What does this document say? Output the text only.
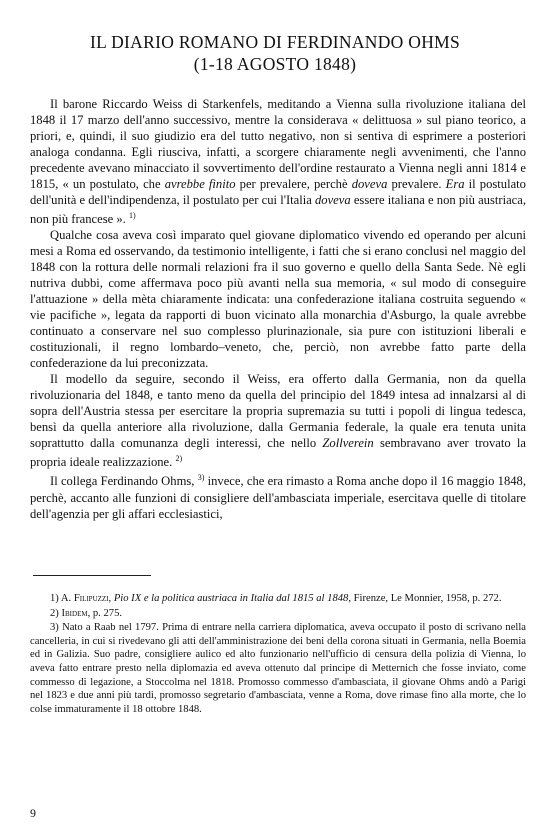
IL DIARIO ROMANO DI FERDINANDO OHMS
(1-18 AGOSTO 1848)

Il barone Riccardo Weiss di Starkenfels, meditando a Vienna sulla rivoluzione italiana del 1848 il 17 marzo dell'anno successivo, mentre la considerava « delittuosa » sul piano teorico, a priori, e, quindi, il suo giudizio era del tutto negativo, non si sentiva di esprimere a posteriori analoga condanna. Egli riusciva, infatti, a scorgere chiaramente negli avvenimenti, che l'anno precedente avevano minacciato il sovvertimento dell'ordine restaurato a Vienna negli anni 1814 e 1815, « un postulato, che avrebbe finito per prevalere, perchè doveva prevalere. Era il postulato dell'unità e dell'indipendenza, il postulato per cui l'Italia doveva essere italiana e non più austriaca, non più francese ». $^{1)}$

Qualche cosa aveva così imparato quel giovane diplomatico vivendo ed operando per alcuni mesi a Roma ed osservando, da testimonio intelligente, i fatti che si erano conclusi nel maggio del 1848 con la rottura delle normali relazioni fra il suo governo e quello della Santa Sede. Nè egli nutriva dubbi, come affermava poco più avanti nella sua memoria, « sul modo di conseguire l'attuazione » della mèta chiaramente indicata: una confederazione italiana costruita seguendo « vie pacifiche », legata da rapporti di buon vicinato alla monarchia d'Asburgo, la quale avrebbe continuato a conservare nel suo complesso plurinazionale, sia pure con istituzioni liberali e costituzionali, il regno lombardo–veneto, che, perciò, non avrebbe fatto parte della confederazione da lui preconizzata.

Il modello da seguire, secondo il Weiss, era offerto dalla Germania, non da quella rivoluzionaria del 1848, e tanto meno da quella del principio del 1849 intesa ad innalzarsi al di sopra dell'Austria stessa per esercitare la propria supremazia su tutti i popoli di lingua tedesca, bensì da quella anteriore alla rivoluzione, dalla Germania federale, la quale era tenuta unita soprattutto dalla comunanza degli interessi, che nello Zollverein sembravano aver trovato la propria ideale realizzazione. $^{2)}$

Il collega Ferdinando Ohms, $^{3)}$ invece, che era rimasto a Roma anche dopo il 16 maggio 1848, perchè, accanto alle funzioni di consigliere dell'ambasciata imperiale, esercitava quelle di titolare dell'agenzia per gli affari ecclesiastici,

1) A. Filipuzzi, Pio IX e la politica austriaca in Italia dal 1815 al 1848, Firenze, Le Monnier, 1958, p. 272.

2) Ibidem, p. 275.

3) Nato a Raab nel 1797. Prima di entrare nella carriera diplomatica, aveva occupato il posto di scrivano nella cancelleria, in cui si rivedevano gli atti dell'amministrazione dei beni della corona situati in Germania, nella Boemia ed in Galizia. Suo padre, consigliere aulico ed alto funzionario nell'ufficio di censura della polizia di Vienna, lo aveva fatto entrare presto nella diplomazia ed aveva ottenuto dal principe di Metternich che fosse inviato, come commesso di legazione, a Stoccolma nel 1818. Promosso commesso d'ambasciata, il giovane Ohms andò a Parigi nel 1823 e due anni più tardi, promosso segretario d'ambasciata, venne a Roma, dove rimase fino alla morte, che lo colse immaturamente il 18 ottobre 1848.

9
